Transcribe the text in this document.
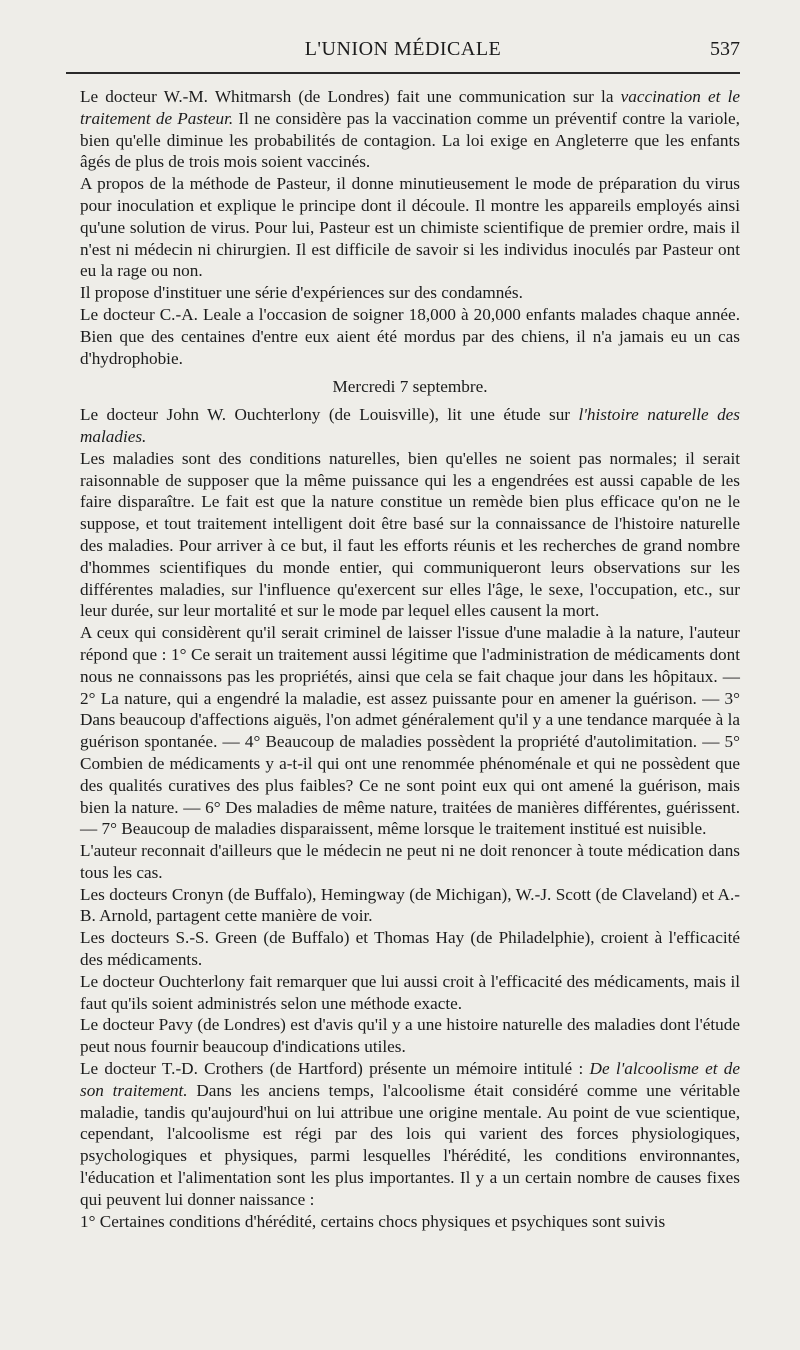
L'UNION MÉDICALE	537

Le docteur W.-M. Whitmarsh (de Londres) fait une communication sur la vaccination et le traitement de Pasteur. Il ne considère pas la vaccination comme un préventif contre la variole, bien qu'elle diminue les probabilités de contagion. La loi exige en Angleterre que les enfants âgés de plus de trois mois soient vaccinés.

A propos de la méthode de Pasteur, il donne minutieusement le mode de préparation du virus pour inoculation et explique le principe dont il découle. Il montre les appareils employés ainsi qu'une solution de virus. Pour lui, Pasteur est un chimiste scientifique de premier ordre, mais il n'est ni médecin ni chirurgien. Il est difficile de savoir si les individus inoculés par Pasteur ont eu la rage ou non.

Il propose d'instituer une série d'expériences sur des condamnés.

Le docteur C.-A. Leale a l'occasion de soigner 18,000 à 20,000 enfants malades chaque année. Bien que des centaines d'entre eux aient été mordus par des chiens, il n'a jamais eu un cas d'hydrophobie.

Mercredi 7 septembre.

Le docteur John W. Ouchterlony (de Louisville), lit une étude sur l'histoire naturelle des maladies.

Les maladies sont des conditions naturelles, bien qu'elles ne soient pas normales; il serait raisonnable de supposer que la même puissance qui les a engendrées est aussi capable de les faire disparaître. Le fait est que la nature constitue un remède bien plus efficace qu'on ne le suppose, et tout traitement intelligent doit être basé sur la connaissance de l'histoire naturelle des maladies. Pour arriver à ce but, il faut les efforts réunis et les recherches de grand nombre d'hommes scientifiques du monde entier, qui communiqueront leurs observations sur les différentes maladies, sur l'influence qu'exercent sur elles l'âge, le sexe, l'occupation, etc., sur leur durée, sur leur mortalité et sur le mode par lequel elles causent la mort.

A ceux qui considèrent qu'il serait criminel de laisser l'issue d'une maladie à la nature, l'auteur répond que : 1° Ce serait un traitement aussi légitime que l'administration de médicaments dont nous ne connaissons pas les propriétés, ainsi que cela se fait chaque jour dans les hôpitaux. — 2° La nature, qui a engendré la maladie, est assez puissante pour en amener la guérison. — 3° Dans beaucoup d'affections aiguës, l'on admet généralement qu'il y a une tendance marquée à la guérison spontanée. — 4° Beaucoup de maladies possèdent la propriété d'autolimitation. — 5° Combien de médicaments y a-t-il qui ont une renommée phénoménale et qui ne possèdent que des qualités curatives des plus faibles? Ce ne sont point eux qui ont amené la guérison, mais bien la nature. — 6° Des maladies de même nature, traitées de manières différentes, guérissent. — 7° Beaucoup de maladies disparaissent, même lorsque le traitement institué est nuisible.

L'auteur reconnait d'ailleurs que le médecin ne peut ni ne doit renoncer à toute médication dans tous les cas.

Les docteurs Cronyn (de Buffalo), Hemingway (de Michigan), W.-J. Scott (de Claveland) et A.-B. Arnold, partagent cette manière de voir.

Les docteurs S.-S. Green (de Buffalo) et Thomas Hay (de Philadelphie), croient à l'efficacité des médicaments.

Le docteur Ouchterlony fait remarquer que lui aussi croit à l'efficacité des médicaments, mais il faut qu'ils soient administrés selon une méthode exacte.

Le docteur Pavy (de Londres) est d'avis qu'il y a une histoire naturelle des maladies dont l'étude peut nous fournir beaucoup d'indications utiles.

Le docteur T.-D. Crothers (de Hartford) présente un mémoire intitulé : De l'alcoolisme et de son traitement. Dans les anciens temps, l'alcoolisme était considéré comme une véritable maladie, tandis qu'aujourd'hui on lui attribue une origine mentale. Au point de vue scientique, cependant, l'alcoolisme est régi par des lois qui varient des forces physiologiques, psychologiques et physiques, parmi lesquelles l'hérédité, les conditions environnantes, l'éducation et l'alimentation sont les plus importantes. Il y a un certain nombre de causes fixes qui peuvent lui donner naissance :

1° Certaines conditions d'hérédité, certains chocs physiques et psychiques sont suivis
